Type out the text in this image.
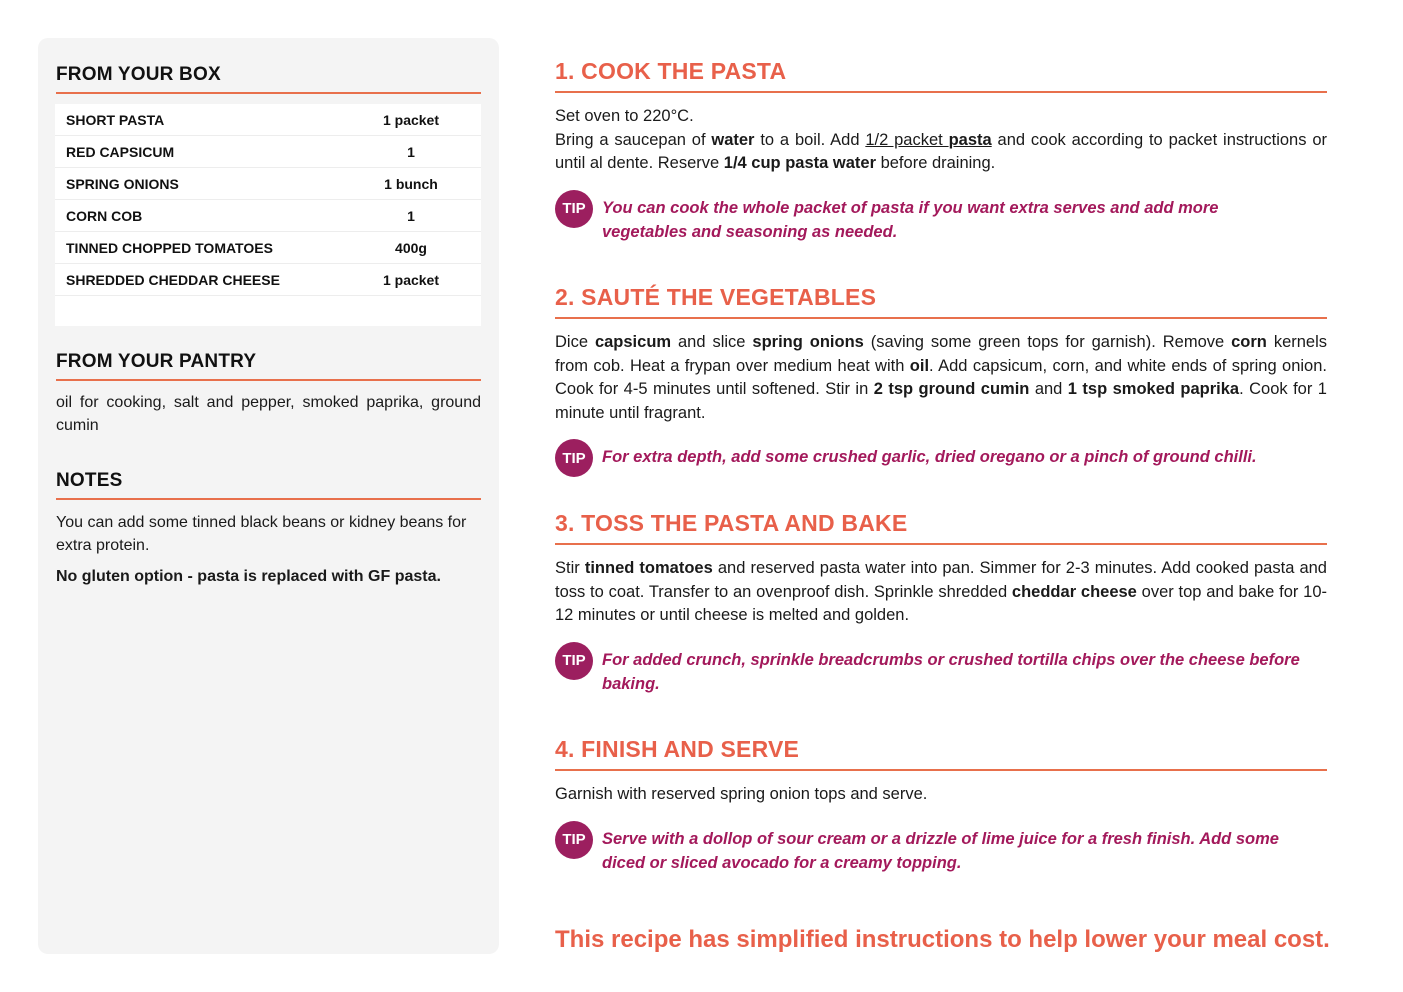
FROM YOUR BOX
SHORT PASTA	1 packet
RED CAPSICUM	1
SPRING ONIONS	1 bunch
CORN COB	1
TINNED CHOPPED TOMATOES	400g
SHREDDED CHEDDAR CHEESE	1 packet
FROM YOUR PANTRY
oil for cooking, salt and pepper, smoked paprika, ground cumin
NOTES
You can add some tinned black beans or kidney beans for extra protein.
No gluten option - pasta is replaced with GF pasta.
1. COOK THE PASTA
Set oven to 220°C.
Bring a saucepan of water to a boil. Add 1/2 packet pasta and cook according to packet instructions or until al dente. Reserve 1/4 cup pasta water before draining.
TIP You can cook the whole packet of pasta if you want extra serves and add more vegetables and seasoning as needed.
2. SAUTÉ THE VEGETABLES
Dice capsicum and slice spring onions (saving some green tops for garnish). Remove corn kernels from cob. Heat a frypan over medium heat with oil. Add capsicum, corn, and white ends of spring onion. Cook for 4-5 minutes until softened. Stir in 2 tsp ground cumin and 1 tsp smoked paprika. Cook for 1 minute until fragrant.
TIP For extra depth, add some crushed garlic, dried oregano or a pinch of ground chilli.
3. TOSS THE PASTA AND BAKE
Stir tinned tomatoes and reserved pasta water into pan. Simmer for 2-3 minutes. Add cooked pasta and toss to coat. Transfer to an ovenproof dish. Sprinkle shredded cheddar cheese over top and bake for 10-12 minutes or until cheese is melted and golden.
TIP For added crunch, sprinkle breadcrumbs or crushed tortilla chips over the cheese before baking.
4. FINISH AND SERVE
Garnish with reserved spring onion tops and serve.
TIP Serve with a dollop of sour cream or a drizzle of lime juice for a fresh finish. Add some diced or sliced avocado for a creamy topping.
This recipe has simplified instructions to help lower your meal cost.
